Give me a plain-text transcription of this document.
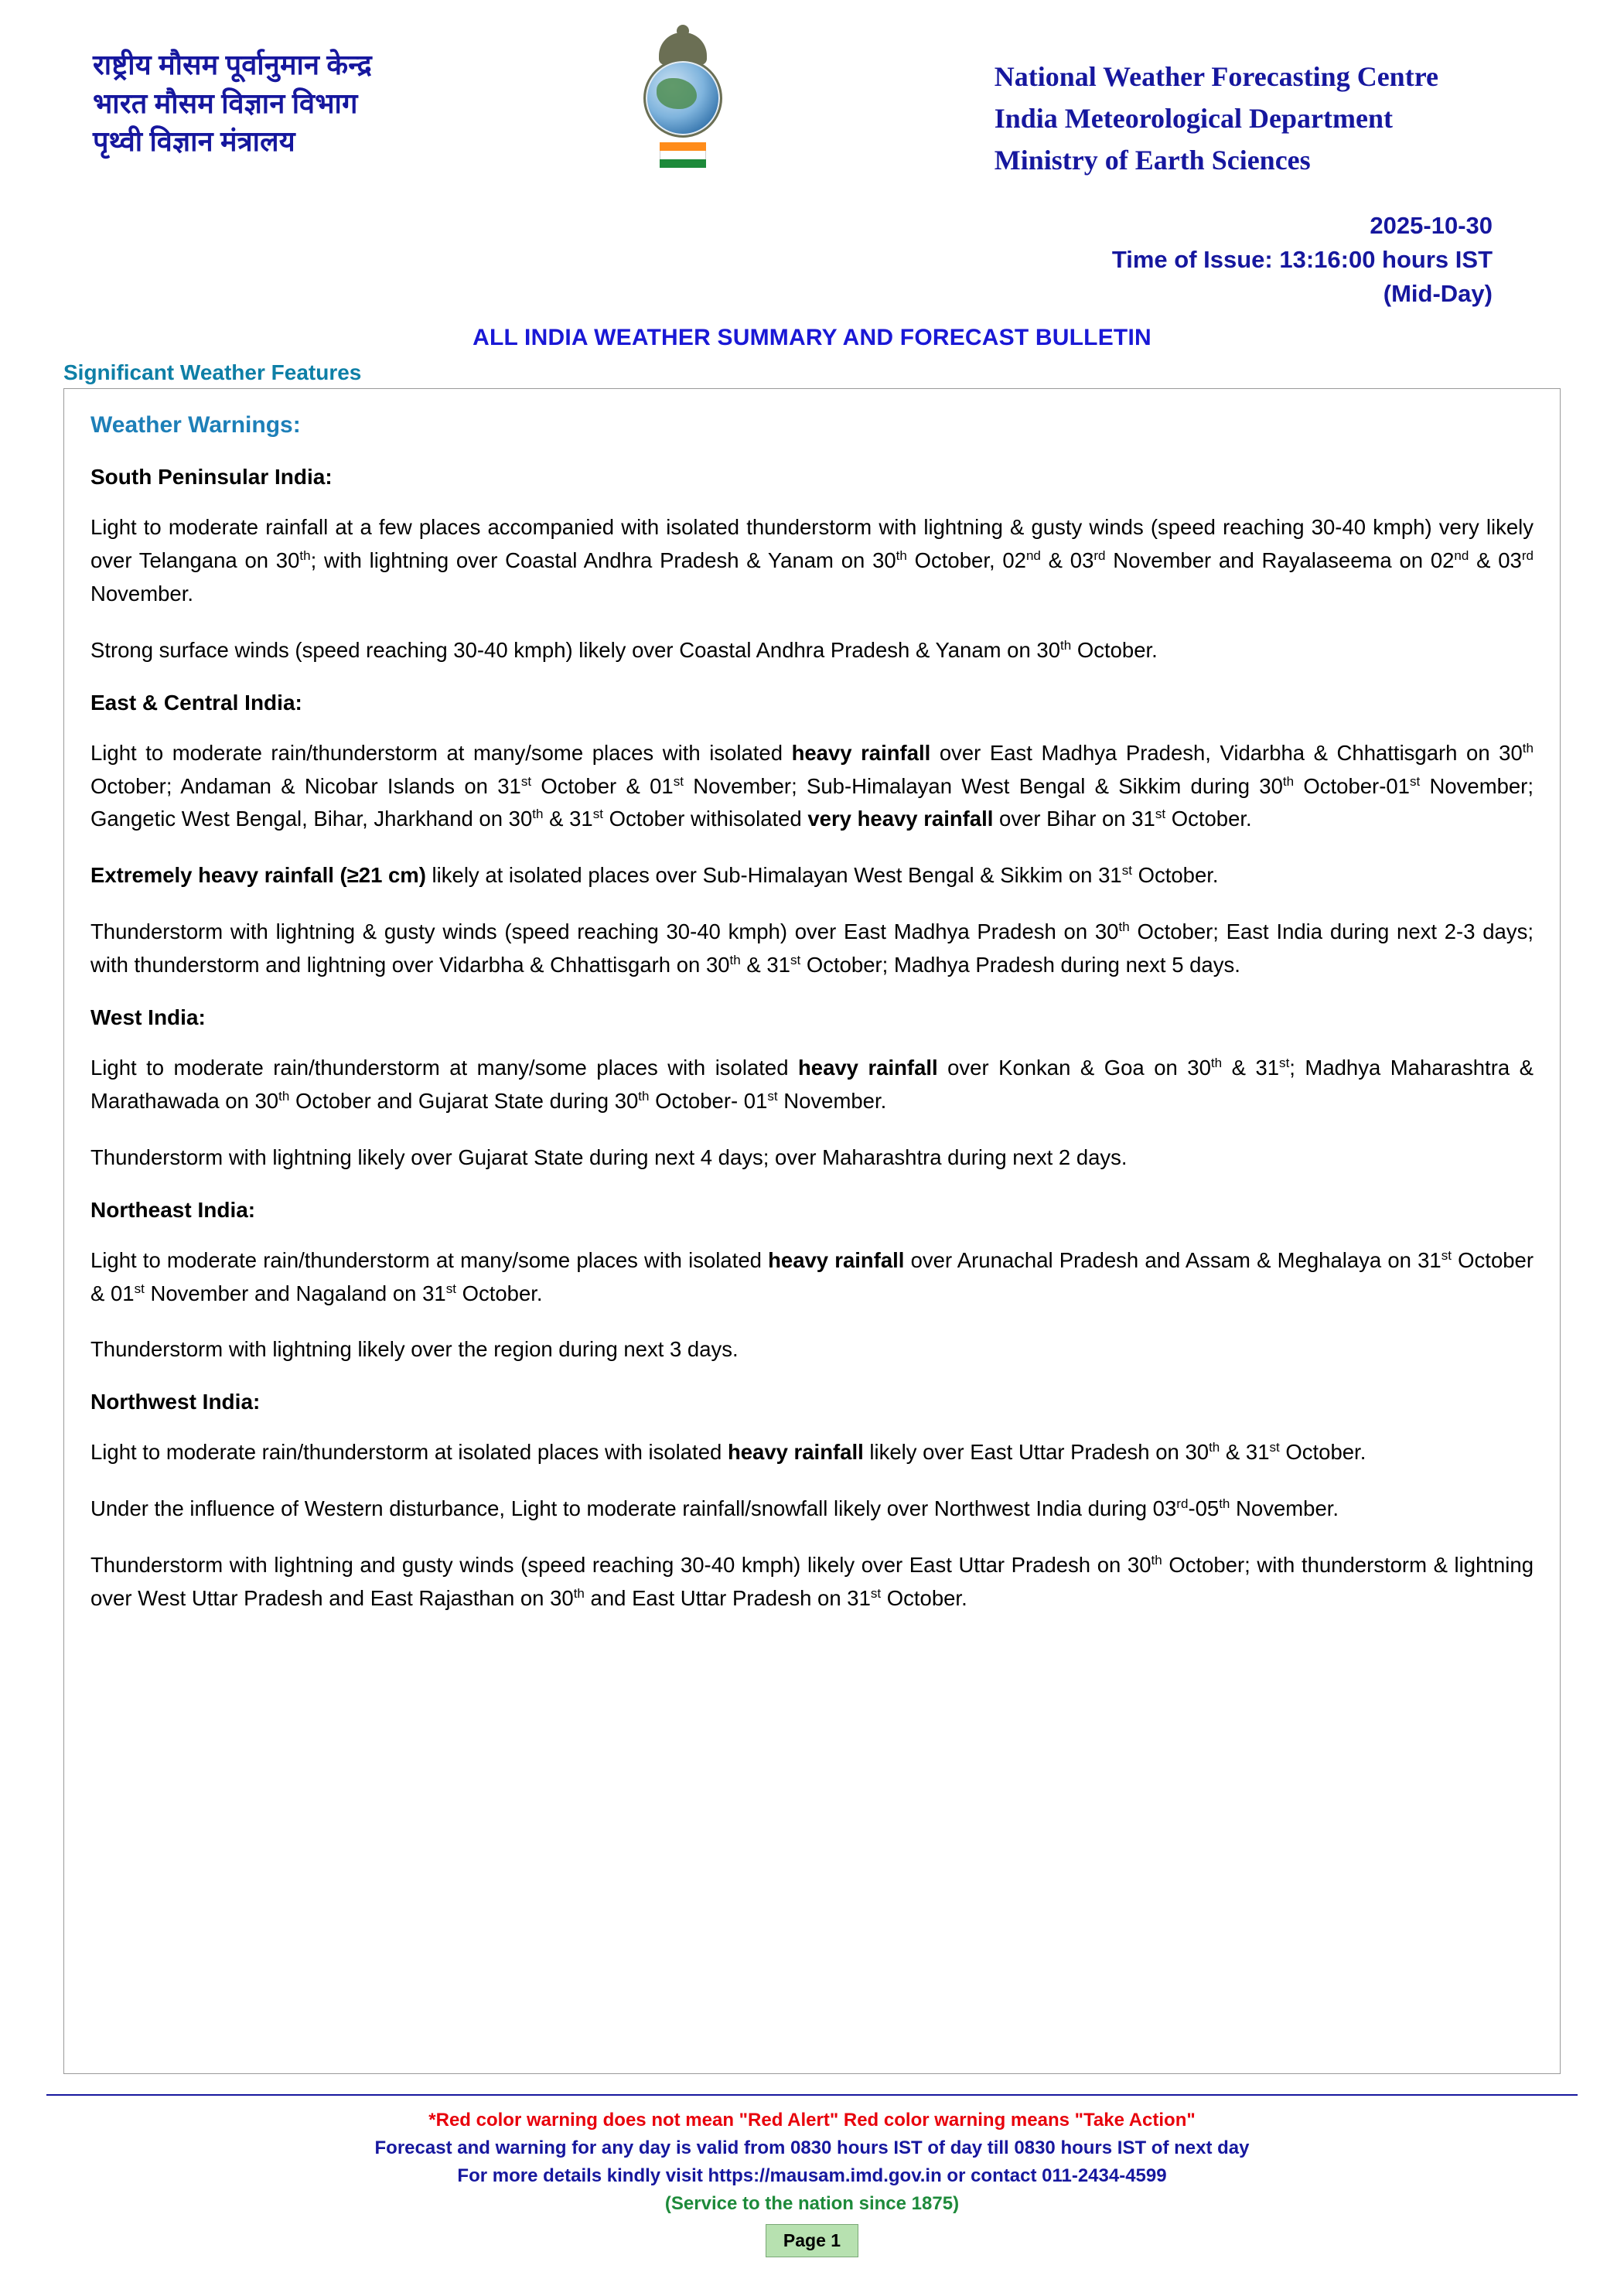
राष्ट्रीय मौसम पूर्वानुमान केन्द्र
भारत मौसम विज्ञान विभाग
पृथ्वी विज्ञान मंत्रालय
National Weather Forecasting Centre
India Meteorological Department
Ministry of Earth Sciences
2025-10-30
Time of Issue: 13:16:00 hours IST
(Mid-Day)
ALL INDIA WEATHER SUMMARY AND FORECAST BULLETIN
Significant Weather Features
Weather Warnings:
South Peninsular India:

Light to moderate rainfall at a few places accompanied with isolated thunderstorm with lightning & gusty winds (speed reaching 30-40 kmph) very likely over Telangana on 30th; with lightning over Coastal Andhra Pradesh & Yanam on 30th October, 02nd & 03rd November and Rayalaseema on 02nd & 03rd November.

Strong surface winds (speed reaching 30-40 kmph) likely over Coastal Andhra Pradesh & Yanam on 30th October.

East & Central India:

Light to moderate rain/thunderstorm at many/some places with isolated heavy rainfall over East Madhya Pradesh, Vidarbha & Chhattisgarh on 30th October; Andaman & Nicobar Islands on 31st October & 01st November; Sub-Himalayan West Bengal & Sikkim during 30th October-01st November; Gangetic West Bengal, Bihar, Jharkhand on 30th & 31st October withisolated very heavy rainfall over Bihar on 31st October.

Extremely heavy rainfall (≥21 cm) likely at isolated places over Sub-Himalayan West Bengal & Sikkim on 31st October.

Thunderstorm with lightning & gusty winds (speed reaching 30-40 kmph) over East Madhya Pradesh on 30th October; East India during next 2-3 days; with thunderstorm and lightning over Vidarbha & Chhattisgarh on 30th & 31st October; Madhya Pradesh during next 5 days.

West India:

Light to moderate rain/thunderstorm at many/some places with isolated heavy rainfall over Konkan & Goa on 30th & 31st; Madhya Maharashtra & Marathawada on 30th October and Gujarat State during 30th October- 01st November.

Thunderstorm with lightning likely over Gujarat State during next 4 days; over Maharashtra during next 2 days.

Northeast India:

Light to moderate rain/thunderstorm at many/some places with isolated heavy rainfall over Arunachal Pradesh and Assam & Meghalaya on 31st October & 01st November and Nagaland on 31st October.

Thunderstorm with lightning likely over the region during next 3 days.

Northwest India:

Light to moderate rain/thunderstorm at isolated places with isolated heavy rainfall likely over East Uttar Pradesh on 30th & 31st October.

Under the influence of Western disturbance, Light to moderate rainfall/snowfall likely over Northwest India during 03rd-05th November.

Thunderstorm with lightning and gusty winds (speed reaching 30-40 kmph) likely over East Uttar Pradesh on 30th October; with thunderstorm & lightning over West Uttar Pradesh and East Rajasthan on 30th and East Uttar Pradesh on 31st October.

*Red color warning does not mean "Red Alert" Red color warning means "Take Action"
Forecast and warning for any day is valid from 0830 hours IST of day till 0830 hours IST of next day
For more details kindly visit https://mausam.imd.gov.in or contact 011-2434-4599
(Service to the nation since 1875)
Page 1
